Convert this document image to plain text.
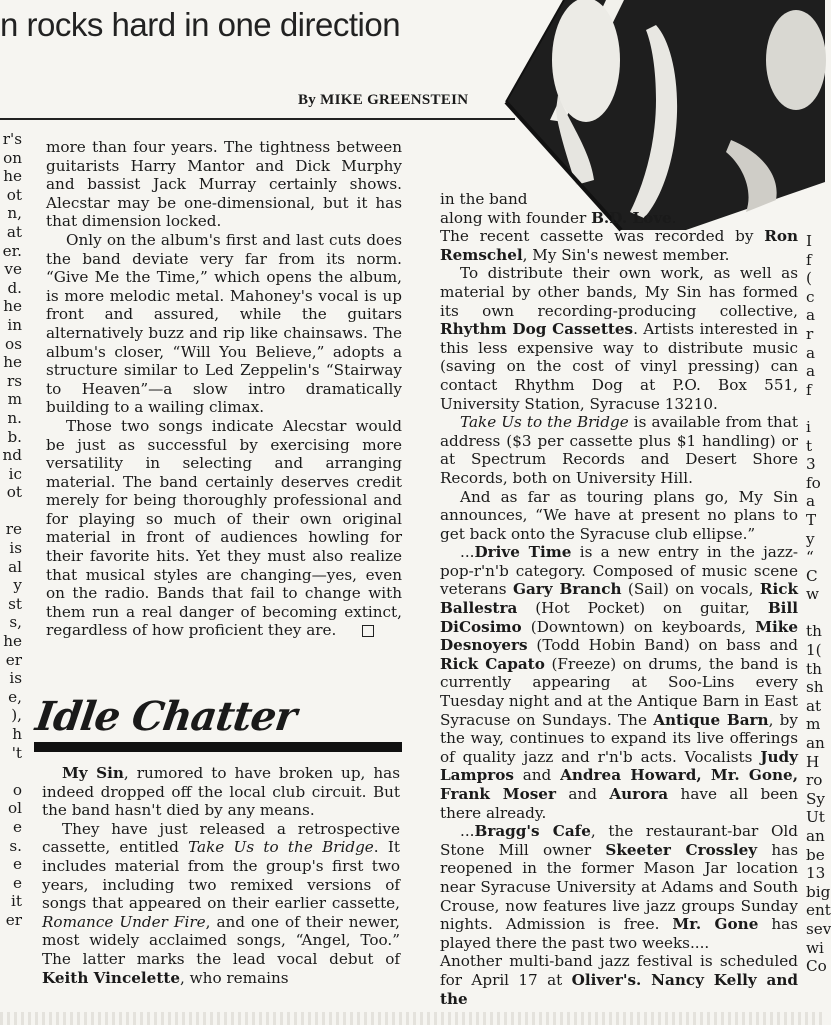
n rocks hard in one direction
By MIKE GREENSTEIN
r's
on
he
ot
n,
at
er.
ve
d.
he
in
os
he
rs
m
n.
b.
nd
ic
ot

re
is
al
y
st
s,
he
er
is
e,
),
h
't

o
ol
e
s.
e
e
it
er

more than four years. The tightness between guitarists Harry Mantor and Dick Murphy and bassist Jack Murray certainly shows. Alecstar may be one-dimensional, but it has that dimension locked.

Only on the album's first and last cuts does the band deviate very far from its norm. “Give Me the Time,” which opens the album, is more melodic metal. Mahoney's vocal is up front and assured, while the guitars alternatively buzz and rip like chainsaws. The album's closer, “Will You Believe,” adopts a structure similar to Led Zeppelin's “Stairway to Heaven”—a slow intro dramatically building to a wailing climax.

Those two songs indicate Alecstar would be just as successful by exercising more versatility in selecting and arranging material. The band certainly deserves credit merely for being thoroughly professional and for playing so much of their own original material in front of audiences howling for their favorite hits. Yet they must also realize that musical styles are changing—yes, even on the radio. Bands that fail to change with them run a real danger of becoming extinct, regardless of how proficient they are.

Idle Chatter

My Sin, rumored to have broken up, has indeed dropped off the local club circuit. But the band hasn't died by any means.

They have just released a retrospective cassette, entitled Take Us to the Bridge. It includes material from the group's first two years, including two remixed versions of songs that appeared on their earlier cassette, Romance Under Fire, and one of their newer, most widely acclaimed songs, “Angel, Too.” The latter marks the lead vocal debut of Keith Vincelette, who remains

in the band
along with founder B.D. Love.
The recent cassette was recorded by Ron Remschel, My Sin's newest member.

To distribute their own work, as well as material by other bands, My Sin has formed its own recording-producing collective, Rhythm Dog Cassettes. Artists interested in this less expensive way to distribute music (saving on the cost of vinyl pressing) can contact Rhythm Dog at P.O. Box 551, University Station, Syracuse 13210.

Take Us to the Bridge is available from that address ($3 per cassette plus $1 handling) or at Spectrum Records and Desert Shore Records, both on University Hill.

And as far as touring plans go, My Sin announces, “We have at present no plans to get back onto the Syracuse club ellipse.”

...Drive Time is a new entry in the jazz-pop-r'n'b category. Composed of music scene veterans Gary Branch (Sail) on vocals, Rick Ballestra (Hot Pocket) on guitar, Bill DiCosimo (Downtown) on keyboards, Mike Desnoyers (Todd Hobin Band) on bass and Rick Capato (Freeze) on drums, the band is currently appearing at Soo-Lins every Tuesday night and at the Antique Barn in East Syracuse on Sundays. The Antique Barn, by the way, continues to expand its live offerings of quality jazz and r'n'b acts. Vocalists Judy Lampros and Andrea Howard, Mr. Gone, Frank Moser and Aurora have all been there already.

...Bragg's Cafe, the restaurant-bar Old Stone Mill owner Skeeter Crossley has reopened in the former Mason Jar location near Syracuse University at Adams and South Crouse, now features live jazz groups Sunday nights. Admission is free. Mr. Gone has played there the past two weeks....

Another multi-band jazz festival is scheduled for April 17 at Oliver's. Nancy Kelly and the

I
f
(
c
a
r
a
a
f

i
t
3
fo
a
T
y
“
C
w

th
1(
th
sh
at
m
an
H
ro
Sy
Ut
an
be
13
big
ent
sev
wi
Co
